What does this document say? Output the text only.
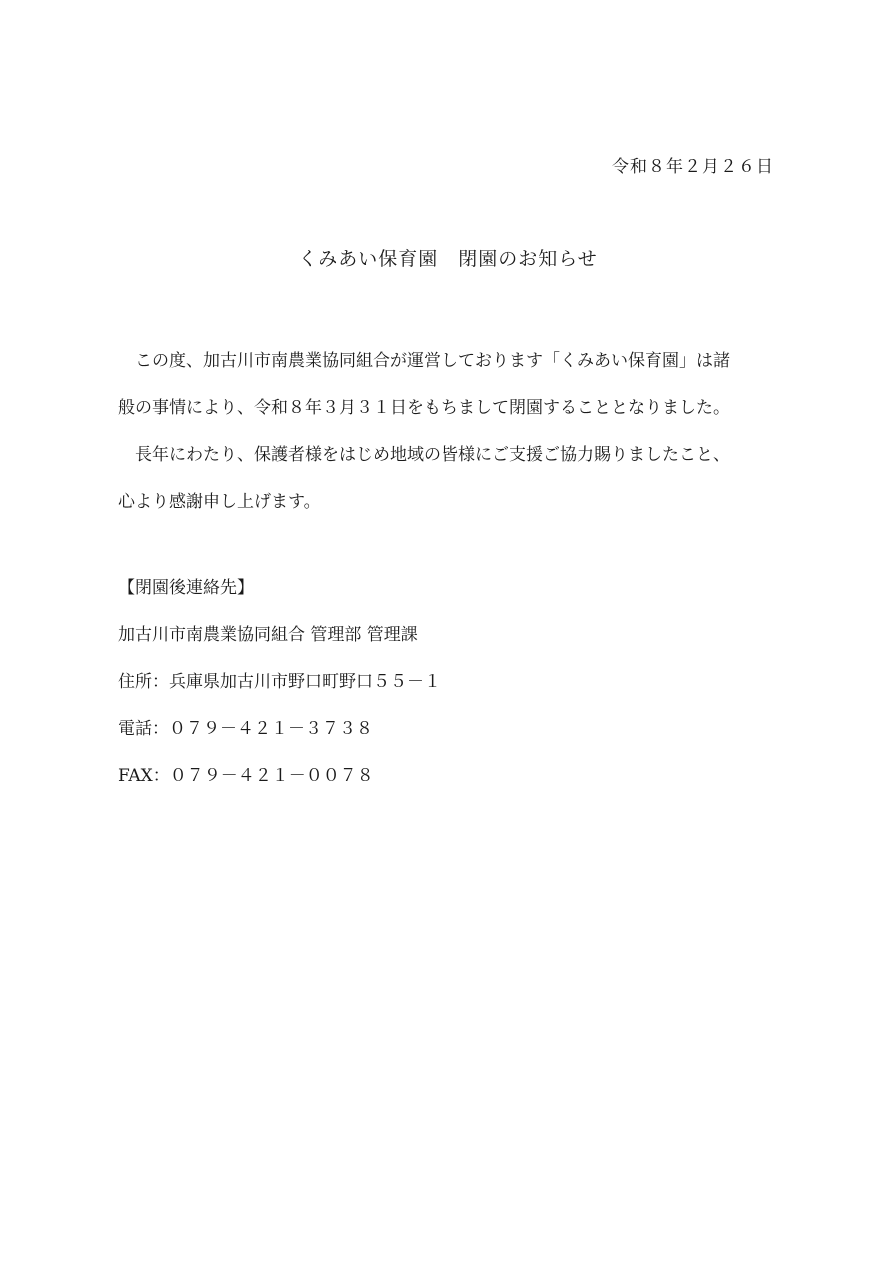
令和８年２月２６日
くみあい保育園　閉園のお知らせ

この度、加古川市南農業協同組合が運営しております「くみあい保育園」は諸
般の事情により、令和８年３月３１日をもちまして閉園することとなりました。

長年にわたり、保護者様をはじめ地域の皆様にご支援ご協力賜りましたこと、
心より感謝申し上げます。

【閉園後連絡先】
加古川市南農業協同組合 管理部 管理課
住所：兵庫県加古川市野口町野口５５－１
電話：０７９－４２１－３７３８
FAX：０７９－４２１－００７８
